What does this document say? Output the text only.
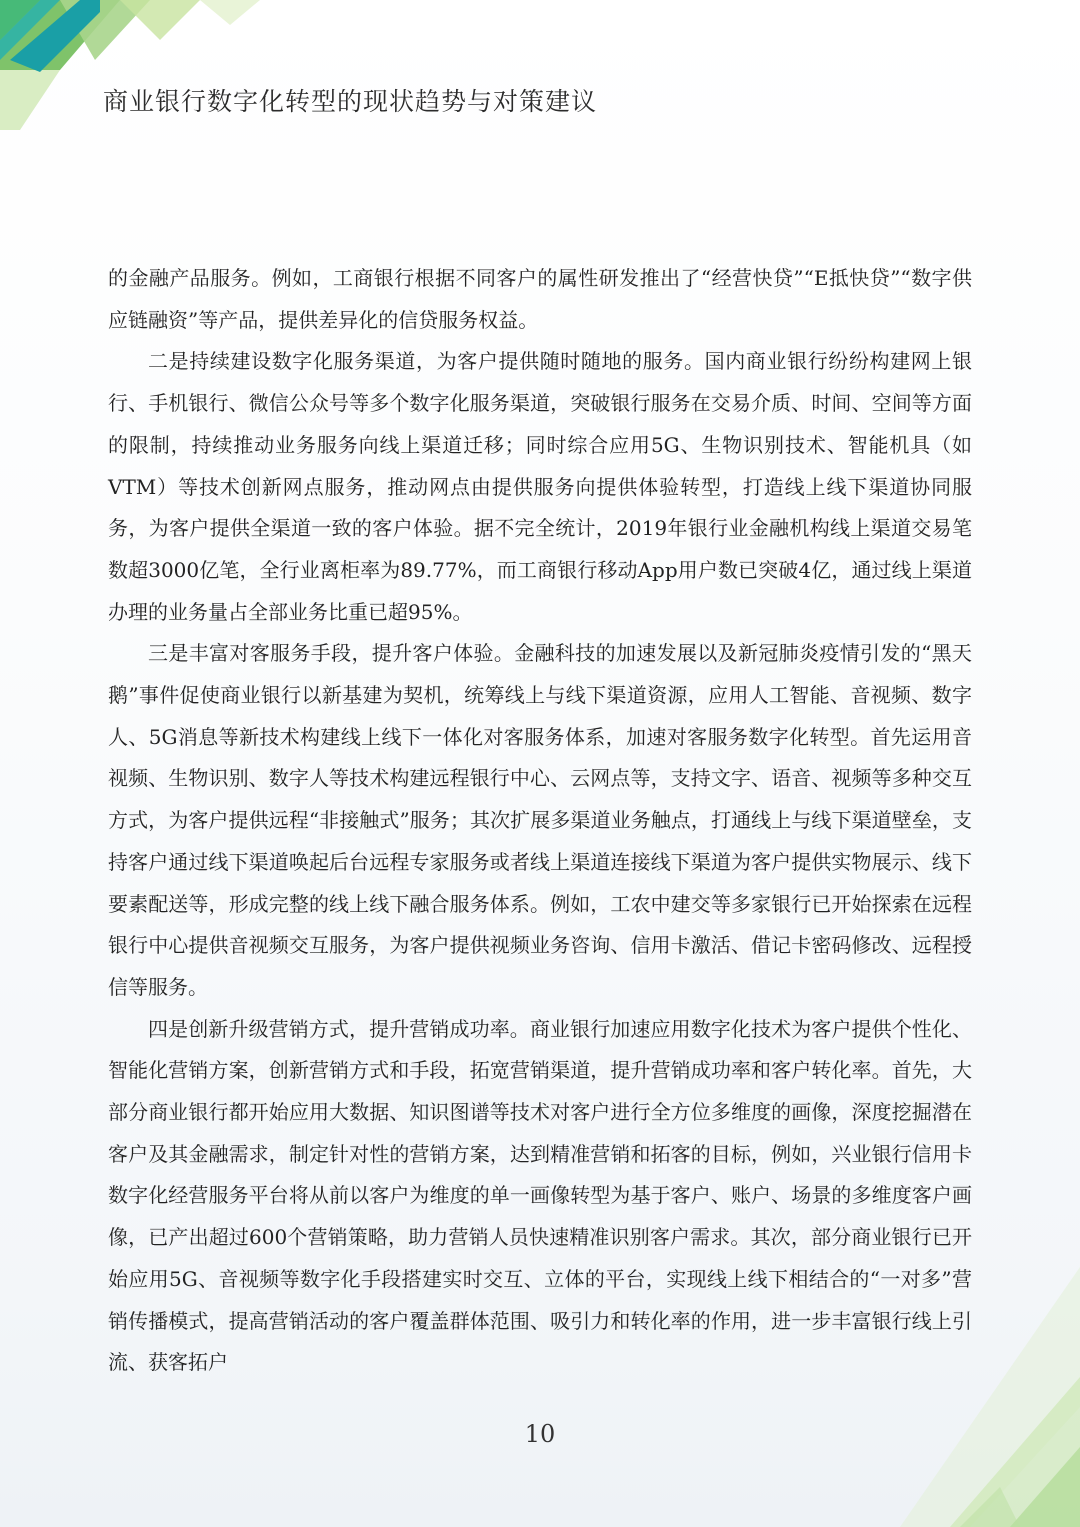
商业银行数字化转型的现状趋势与对策建议

的金融产品服务。例如，工商银行根据不同客户的属性研发推出了“经营快贷”“E抵快贷”“数字供应链融资”等产品，提供差异化的信贷服务权益。

二是持续建设数字化服务渠道，为客户提供随时随地的服务。国内商业银行纷纷构建网上银行、手机银行、微信公众号等多个数字化服务渠道，突破银行服务在交易介质、时间、空间等方面的限制，持续推动业务服务向线上渠道迁移；同时综合应用5G、生物识别技术、智能机具（如VTM）等技术创新网点服务，推动网点由提供服务向提供体验转型，打造线上线下渠道协同服务，为客户提供全渠道一致的客户体验。据不完全统计，2019年银行业金融机构线上渠道交易笔数超3000亿笔，全行业离柜率为89.77%，而工商银行移动App用户数已突破4亿，通过线上渠道办理的业务量占全部业务比重已超95%。

三是丰富对客服务手段，提升客户体验。金融科技的加速发展以及新冠肺炎疫情引发的“黑天鹅”事件促使商业银行以新基建为契机，统筹线上与线下渠道资源，应用人工智能、音视频、数字人、5G消息等新技术构建线上线下一体化对客服务体系，加速对客服务数字化转型。首先运用音视频、生物识别、数字人等技术构建远程银行中心、云网点等，支持文字、语音、视频等多种交互方式，为客户提供远程“非接触式”服务；其次扩展多渠道业务触点，打通线上与线下渠道壁垒，支持客户通过线下渠道唤起后台远程专家服务或者线上渠道连接线下渠道为客户提供实物展示、线下要素配送等，形成完整的线上线下融合服务体系。例如，工农中建交等多家银行已开始探索在远程银行中心提供音视频交互服务，为客户提供视频业务咨询、信用卡激活、借记卡密码修改、远程授信等服务。

四是创新升级营销方式，提升营销成功率。商业银行加速应用数字化技术为客户提供个性化、智能化营销方案，创新营销方式和手段，拓宽营销渠道，提升营销成功率和客户转化率。首先，大部分商业银行都开始应用大数据、知识图谱等技术对客户进行全方位多维度的画像，深度挖掘潜在客户及其金融需求，制定针对性的营销方案，达到精准营销和拓客的目标，例如，兴业银行信用卡数字化经营服务平台将从前以客户为维度的单一画像转型为基于客户、账户、场景的多维度客户画像，已产出超过600个营销策略，助力营销人员快速精准识别客户需求。其次，部分商业银行已开始应用5G、音视频等数字化手段搭建实时交互、立体的平台，实现线上线下相结合的“一对多”营销传播模式，提高营销活动的客户覆盖群体范围、吸引力和转化率的作用，进一步丰富银行线上引流、获客拓户

10
